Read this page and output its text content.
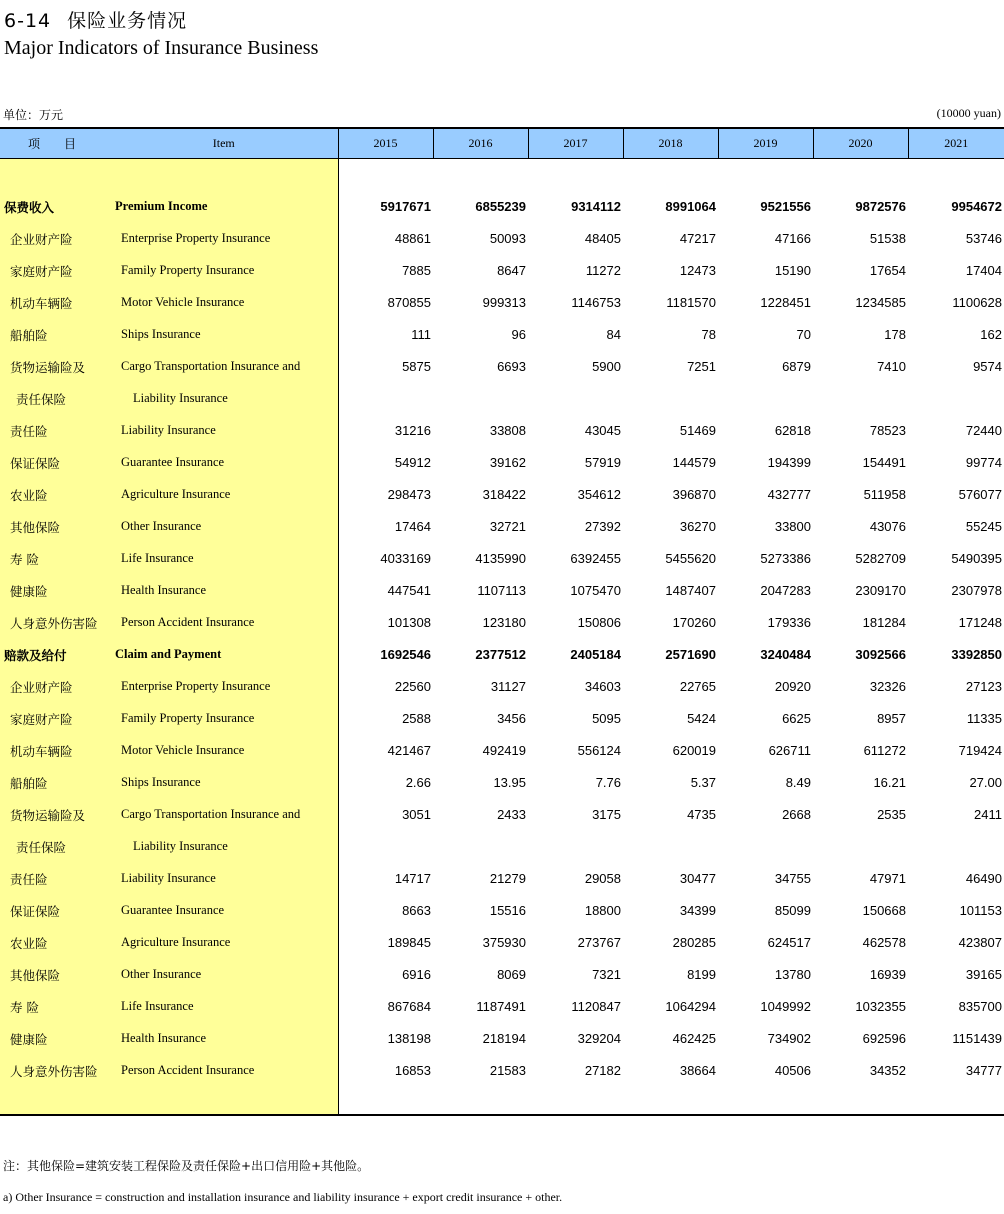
6-14 保险业务情况
Major Indicators of Insurance Business
单位：万元	(10000 yuan)
项　目	Item	2015	2016	2017	2018	2019	2020	2021

保费收入	Premium Income	5917671	6855239	9314112	8991064	9521556	9872576	9954672
企业财产险	Enterprise Property Insurance	48861	50093	48405	47217	47166	51538	53746
家庭财产险	Family Property Insurance	7885	8647	11272	12473	15190	17654	17404
机动车辆险	Motor Vehicle Insurance	870855	999313	1146753	1181570	1228451	1234585	1100628
船舶险	Ships Insurance	111	96	84	78	70	178	162
货物运输险及	Cargo Transportation Insurance and	5875	6693	5900	7251	6879	7410	9574
责任保险	Liability Insurance							
责任险	Liability Insurance	31216	33808	43045	51469	62818	78523	72440
保证保险	Guarantee Insurance	54912	39162	57919	144579	194399	154491	99774
农业险	Agriculture Insurance	298473	318422	354612	396870	432777	511958	576077
其他保险	Other Insurance	17464	32721	27392	36270	33800	43076	55245
寿 险	Life Insurance	4033169	4135990	6392455	5455620	5273386	5282709	5490395
健康险	Health Insurance	447541	1107113	1075470	1487407	2047283	2309170	2307978
人身意外伤害险	Person Accident Insurance	101308	123180	150806	170260	179336	181284	171248
赔款及给付	Claim and Payment	1692546	2377512	2405184	2571690	3240484	3092566	3392850
企业财产险	Enterprise Property Insurance	22560	31127	34603	22765	20920	32326	27123
家庭财产险	Family Property Insurance	2588	3456	5095	5424	6625	8957	11335
机动车辆险	Motor Vehicle Insurance	421467	492419	556124	620019	626711	611272	719424
船舶险	Ships Insurance	2.66	13.95	7.76	5.37	8.49	16.21	27.00
货物运输险及	Cargo Transportation Insurance and	3051	2433	3175	4735	2668	2535	2411
责任保险	Liability Insurance							
责任险	Liability Insurance	14717	21279	29058	30477	34755	47971	46490
保证保险	Guarantee Insurance	8663	15516	18800	34399	85099	150668	101153
农业险	Agriculture Insurance	189845	375930	273767	280285	624517	462578	423807
其他保险	Other Insurance	6916	8069	7321	8199	13780	16939	39165
寿 险	Life Insurance	867684	1187491	1120847	1064294	1049992	1032355	835700
健康险	Health Insurance	138198	218194	329204	462425	734902	692596	1151439
人身意外伤害险	Person Accident Insurance	16853	21583	27182	38664	40506	34352	34777

注：其他保险=建筑安装工程保险及责任保险+出口信用险+其他险。
a) Other Insurance = construction and installation insurance and liability insurance + export credit insurance + other.
